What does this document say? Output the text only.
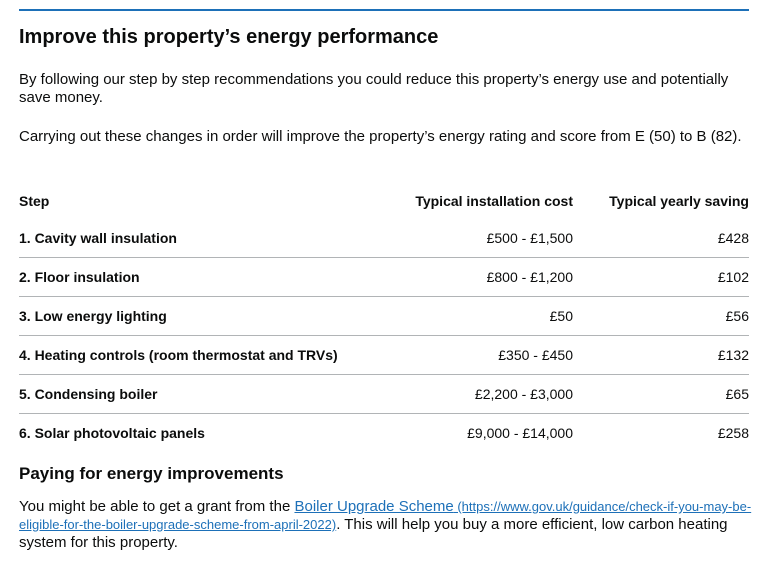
Improve this property’s energy performance

By following our step by step recommendations you could reduce this property’s energy use and potentially save money.

Carrying out these changes in order will improve the property’s energy rating and score from E (50) to B (82).

Step	Typical installation cost	Typical yearly saving
1. Cavity wall insulation	£500 - £1,500	£428
2. Floor insulation	£800 - £1,200	£102
3. Low energy lighting	£50	£56
4. Heating controls (room thermostat and TRVs)	£350 - £450	£132
5. Condensing boiler	£2,200 - £3,000	£65
6. Solar photovoltaic panels	£9,000 - £14,000	£258
Paying for energy improvements

You might be able to get a grant from the Boiler Upgrade Scheme (https://www.gov.uk/guidance/check-if-you-may-be-eligible-for-the-boiler-upgrade-scheme-from-april-2022). This will help you buy a more efficient, low carbon heating system for this property.
